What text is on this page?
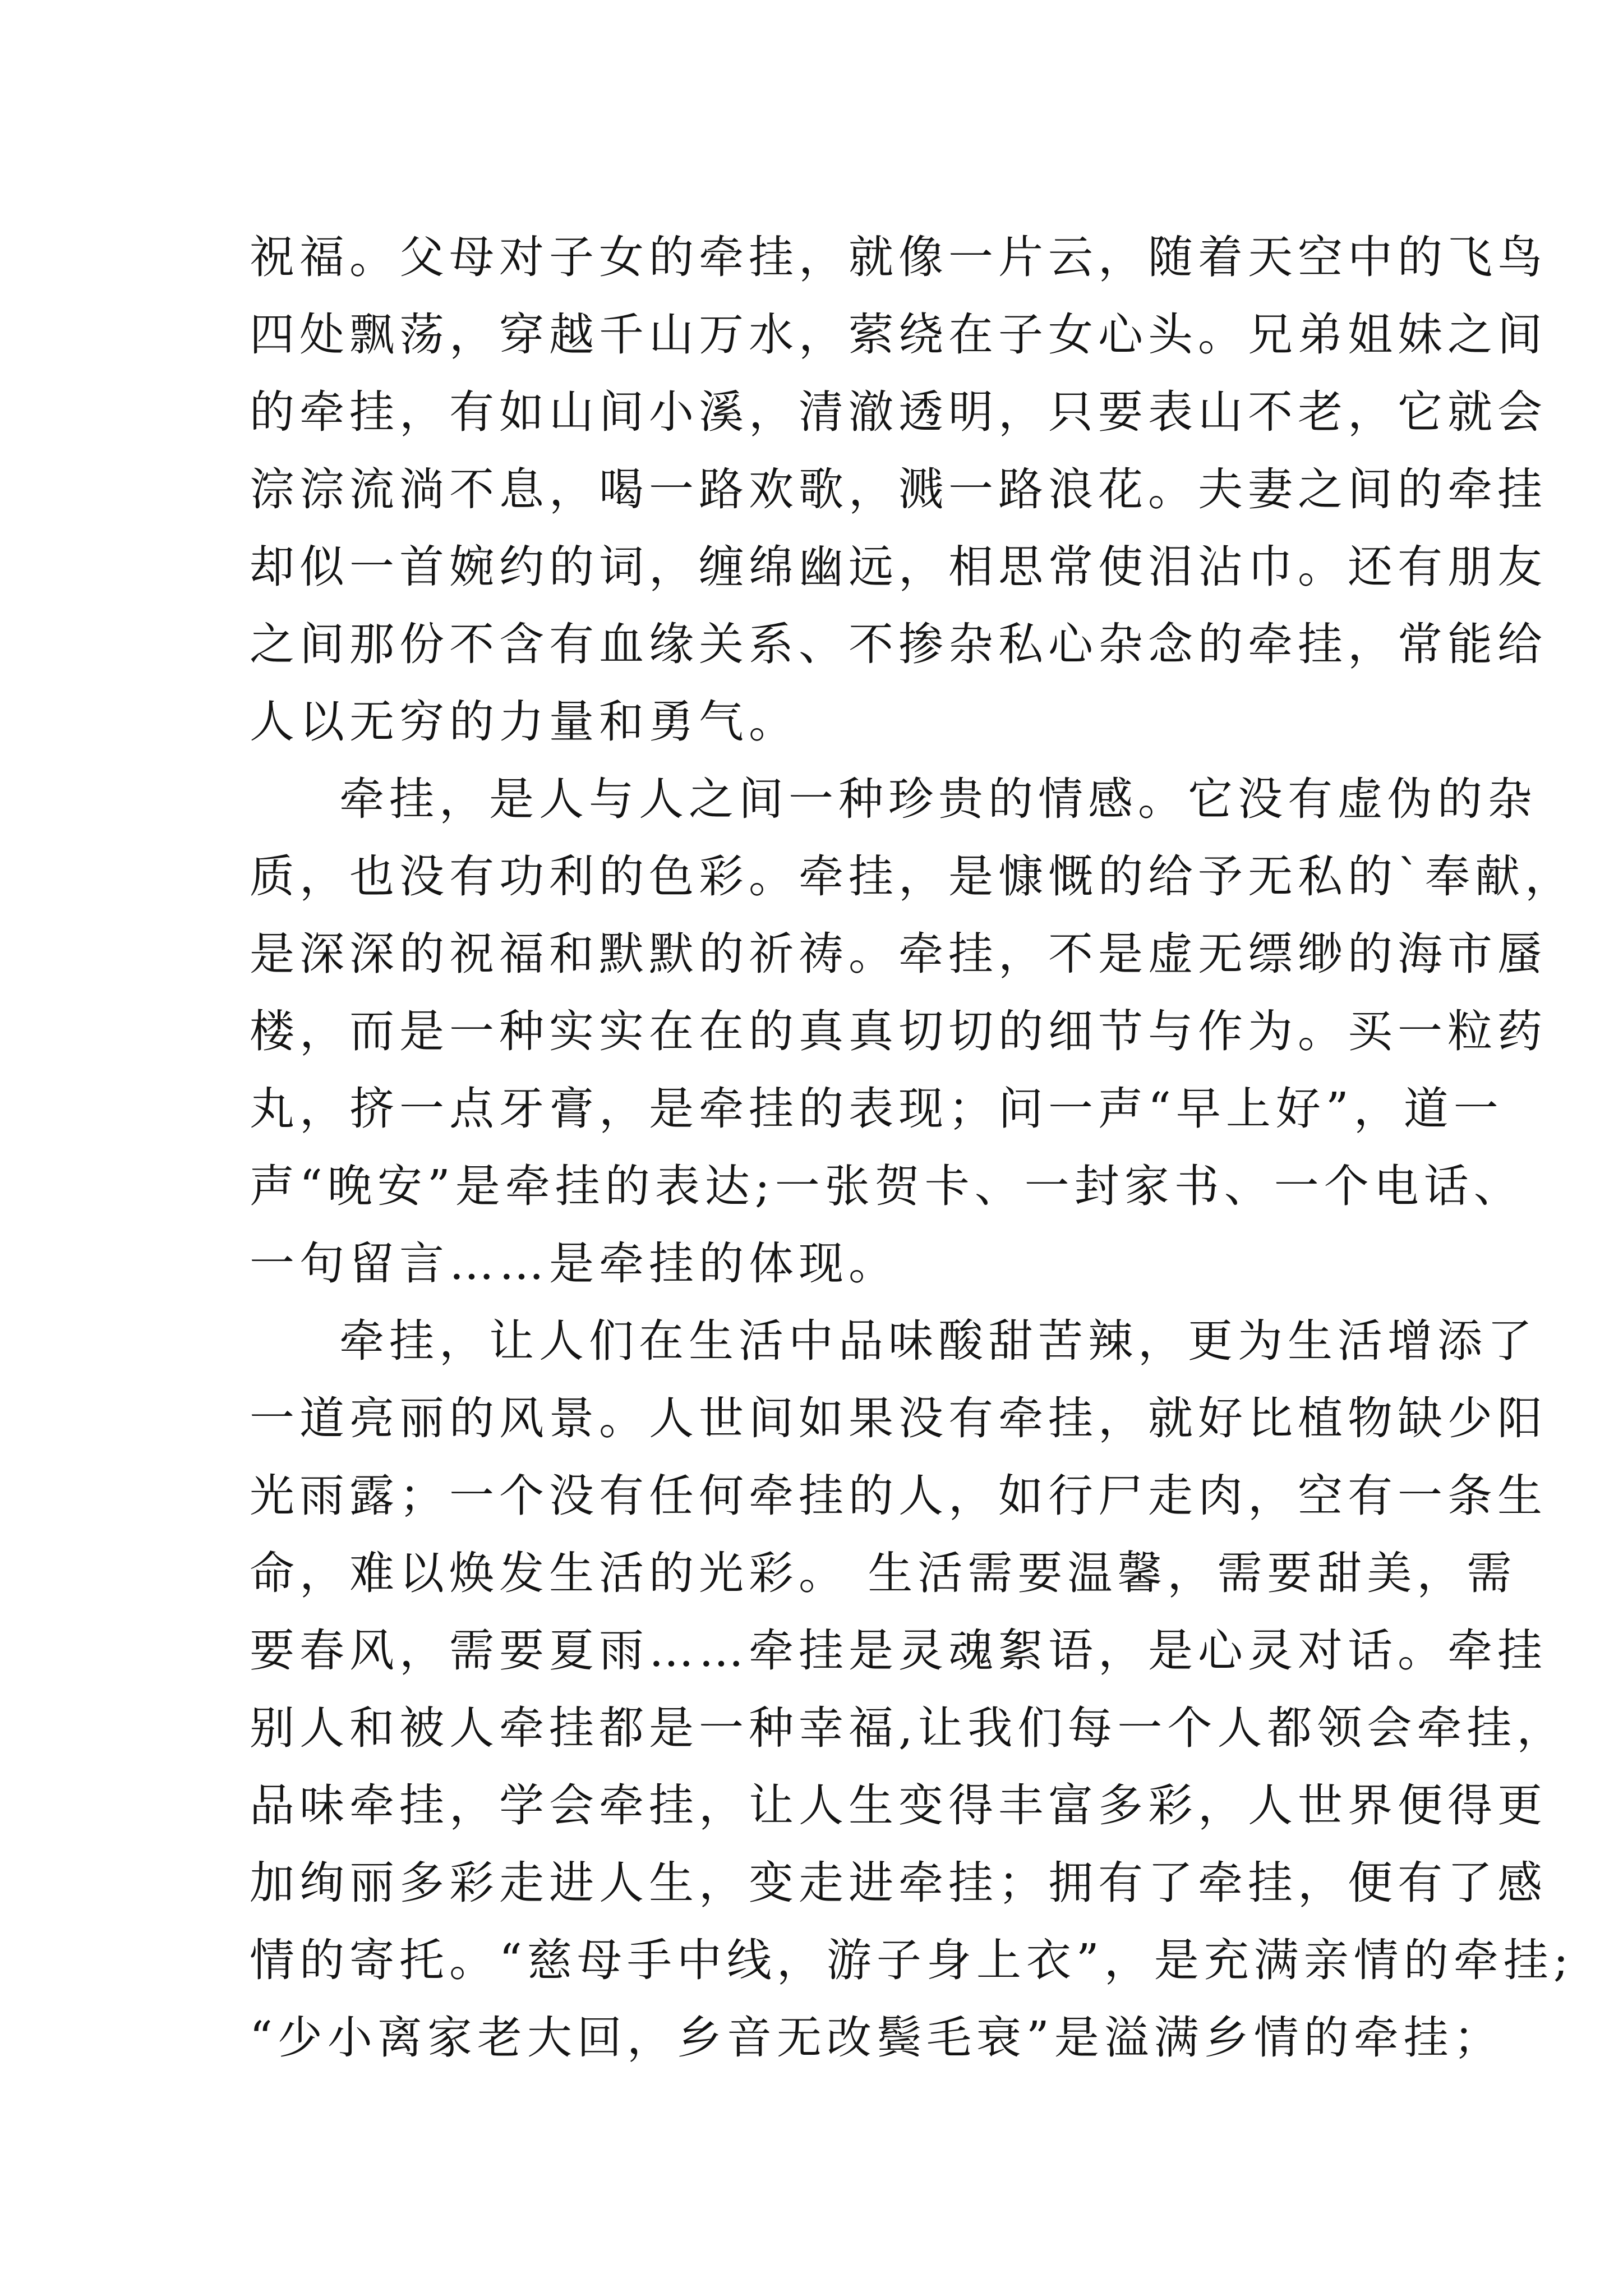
祝福。父母对子女的牵挂，就像一片云，随着天空中的飞鸟
四处飘荡，穿越千山万水，萦绕在子女心头。兄弟姐妹之间
的牵挂，有如山间小溪，清澈透明，只要表山不老，它就会
淙淙流淌不息，喝一路欢歌，溅一路浪花。夫妻之间的牵挂
却似一首婉约的词，缠绵幽远，相思常使泪沾巾。还有朋友
之间那份不含有血缘关系、不掺杂私心杂念的牵挂，常能给
人以无穷的力量和勇气。
牵挂，是人与人之间一种珍贵的情感。它没有虚伪的杂
质，也没有功利的色彩。牵挂，是慷慨的给予无私的`奉献，
是深深的祝福和默默的祈祷。牵挂，不是虚无缥缈的海市蜃
楼，而是一种实实在在的真真切切的细节与作为。买一粒药
丸，挤一点牙膏，是牵挂的表现；问一声“早上好”，道一
声“晚安”是牵挂的表达;一张贺卡、一封家书、一个电话、
一句留言……是牵挂的体现。
牵挂，让人们在生活中品味酸甜苦辣，更为生活增添了
一道亮丽的风景。人世间如果没有牵挂，就好比植物缺少阳
光雨露；一个没有任何牵挂的人，如行尸走肉，空有一条生
命，难以焕发生活的光彩。 生活需要温馨，需要甜美，需
要春风，需要夏雨……牵挂是灵魂絮语，是心灵对话。牵挂
别人和被人牵挂都是一种幸福,让我们每一个人都领会牵挂，
品味牵挂，学会牵挂，让人生变得丰富多彩，人世界便得更
加绚丽多彩走进人生，变走进牵挂；拥有了牵挂，便有了感
情的寄托。“慈母手中线，游子身上衣”，是充满亲情的牵挂;
“少小离家老大回，乡音无改鬓毛衰”是溢满乡情的牵挂；
